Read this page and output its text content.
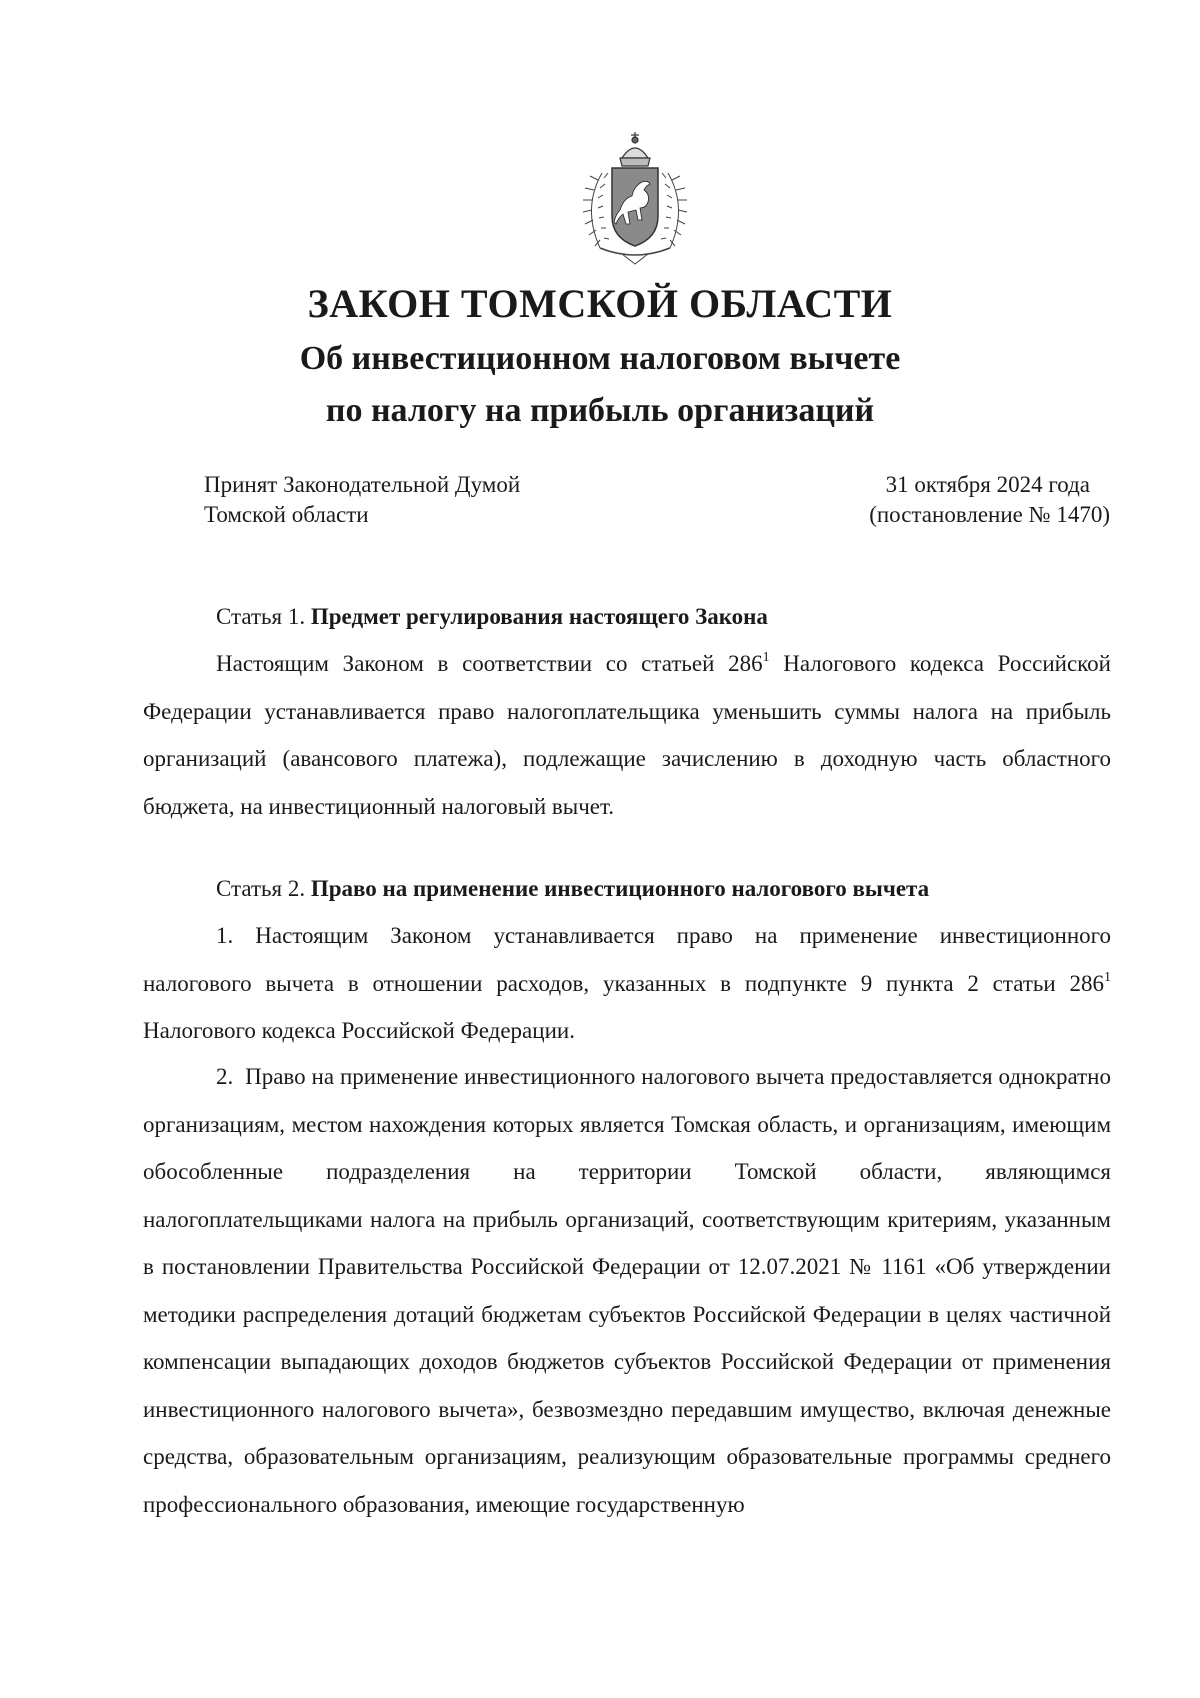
ЗАКОН ТОМСКОЙ ОБЛАСТИ
Об инвестиционном налоговом вычете
по налогу на прибыль организаций
Принят Законодательной Думой
Томской области
31 октября 2024 года
(постановление № 1470)
Статья 1. Предмет регулирования настоящего Закона
Настоящим Законом в соответствии со статьей $286^1$ Налогового кодекса Российской Федерации устанавливается право налогоплательщика уменьшить суммы налога на прибыль организаций (авансового платежа), подлежащие зачислению в доходную часть областного бюджета, на инвестиционный налоговый вычет.
Статья 2. Право на применение инвестиционного налогового вычета
1. Настоящим Законом устанавливается право на применение инвестиционного налогового вычета в отношении расходов, указанных в подпункте 9 пункта 2 статьи $286^1$ Налогового кодекса Российской Федерации.
2.  Право на применение инвестиционного налогового вычета предоставляется однократно организациям, местом нахождения которых является Томская область, и организациям, имеющим обособленные подразделения на территории Томской области, являющимся налогоплательщиками налога на прибыль организаций, соответствующим критериям, указанным в постановлении Правительства Российской Федерации от 12.07.2021 № 1161 «Об утверждении методики распределения дотаций бюджетам субъектов Российской Федерации в целях частичной компенсации выпадающих доходов бюджетов субъектов Российской Федерации от применения инвестиционного налогового вычета», безвозмездно передавшим имущество, включая денежные средства, образовательным организациям, реализующим образовательные программы среднего профессионального образования, имеющие государственную
